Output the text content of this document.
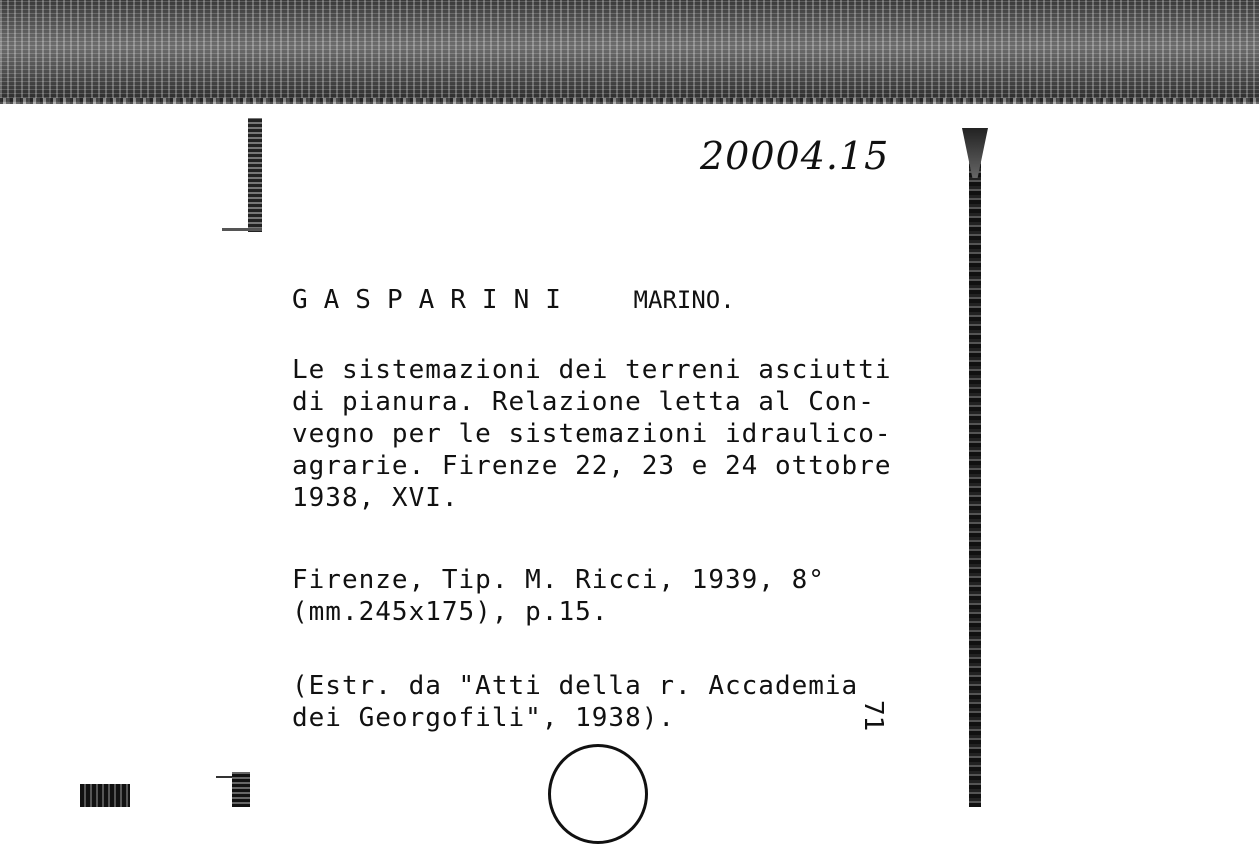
20004.15
GASPARINI MARINO.
Le sistemazioni dei terreni asciutti
di pianura. Relazione letta al Con-
vegno per le sistemazioni idraulico-
agrarie. Firenze 22, 23 e 24 ottobre
1938, XVI.
Firenze, Tip. M. Ricci, 1939, 8°
(mm.245x175), p.15.
(Estr. da "Atti della r. Accademia
dei Georgofili", 1938).	71
